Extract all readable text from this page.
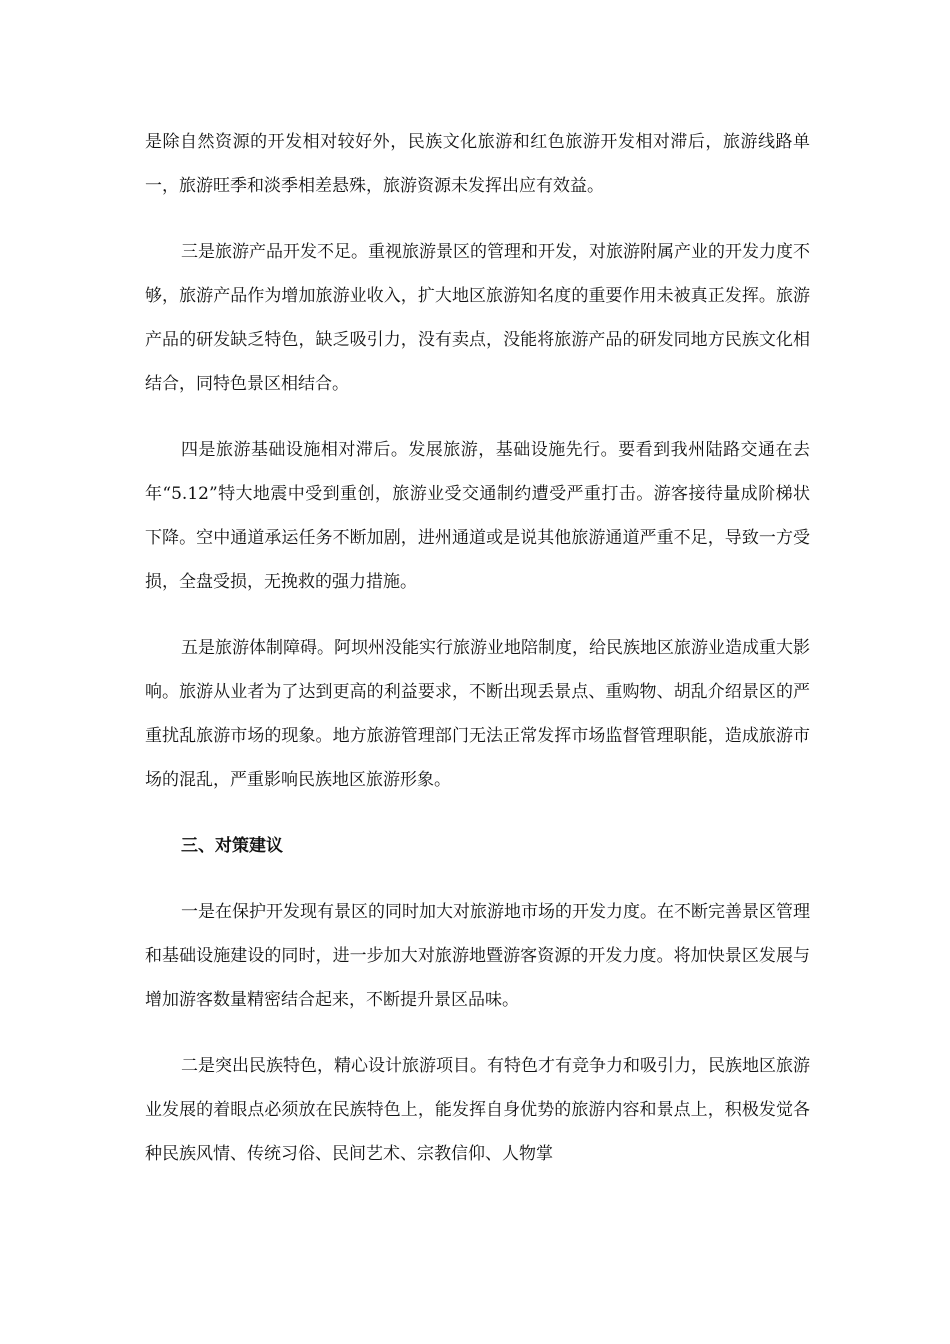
是除自然资源的开发相对较好外，民族文化旅游和红色旅游开发相对滞后，旅游线路单一，旅游旺季和淡季相差悬殊，旅游资源未发挥出应有效益。

三是旅游产品开发不足。重视旅游景区的管理和开发，对旅游附属产业的开发力度不够，旅游产品作为增加旅游业收入，扩大地区旅游知名度的重要作用未被真正发挥。旅游产品的研发缺乏特色，缺乏吸引力，没有卖点，没能将旅游产品的研发同地方民族文化相结合，同特色景区相结合。

四是旅游基础设施相对滞后。发展旅游，基础设施先行。要看到我州陆路交通在去年“5.12”特大地震中受到重创，旅游业受交通制约遭受严重打击。游客接待量成阶梯状下降。空中通道承运任务不断加剧，进州通道或是说其他旅游通道严重不足，导致一方受损，全盘受损，无挽救的强力措施。

五是旅游体制障碍。阿坝州没能实行旅游业地陪制度，给民族地区旅游业造成重大影响。旅游从业者为了达到更高的利益要求，不断出现丢景点、重购物、胡乱介绍景区的严重扰乱旅游市场的现象。地方旅游管理部门无法正常发挥市场监督管理职能，造成旅游市场的混乱，严重影响民族地区旅游形象。

三、对策建议

一是在保护开发现有景区的同时加大对旅游地市场的开发力度。在不断完善景区管理和基础设施建设的同时，进一步加大对旅游地暨游客资源的开发力度。将加快景区发展与增加游客数量精密结合起来，不断提升景区品味。

二是突出民族特色，精心设计旅游项目。有特色才有竞争力和吸引力，民族地区旅游业发展的着眼点必须放在民族特色上，能发挥自身优势的旅游内容和景点上，积极发觉各种民族风情、传统习俗、民间艺术、宗教信仰、人物掌
